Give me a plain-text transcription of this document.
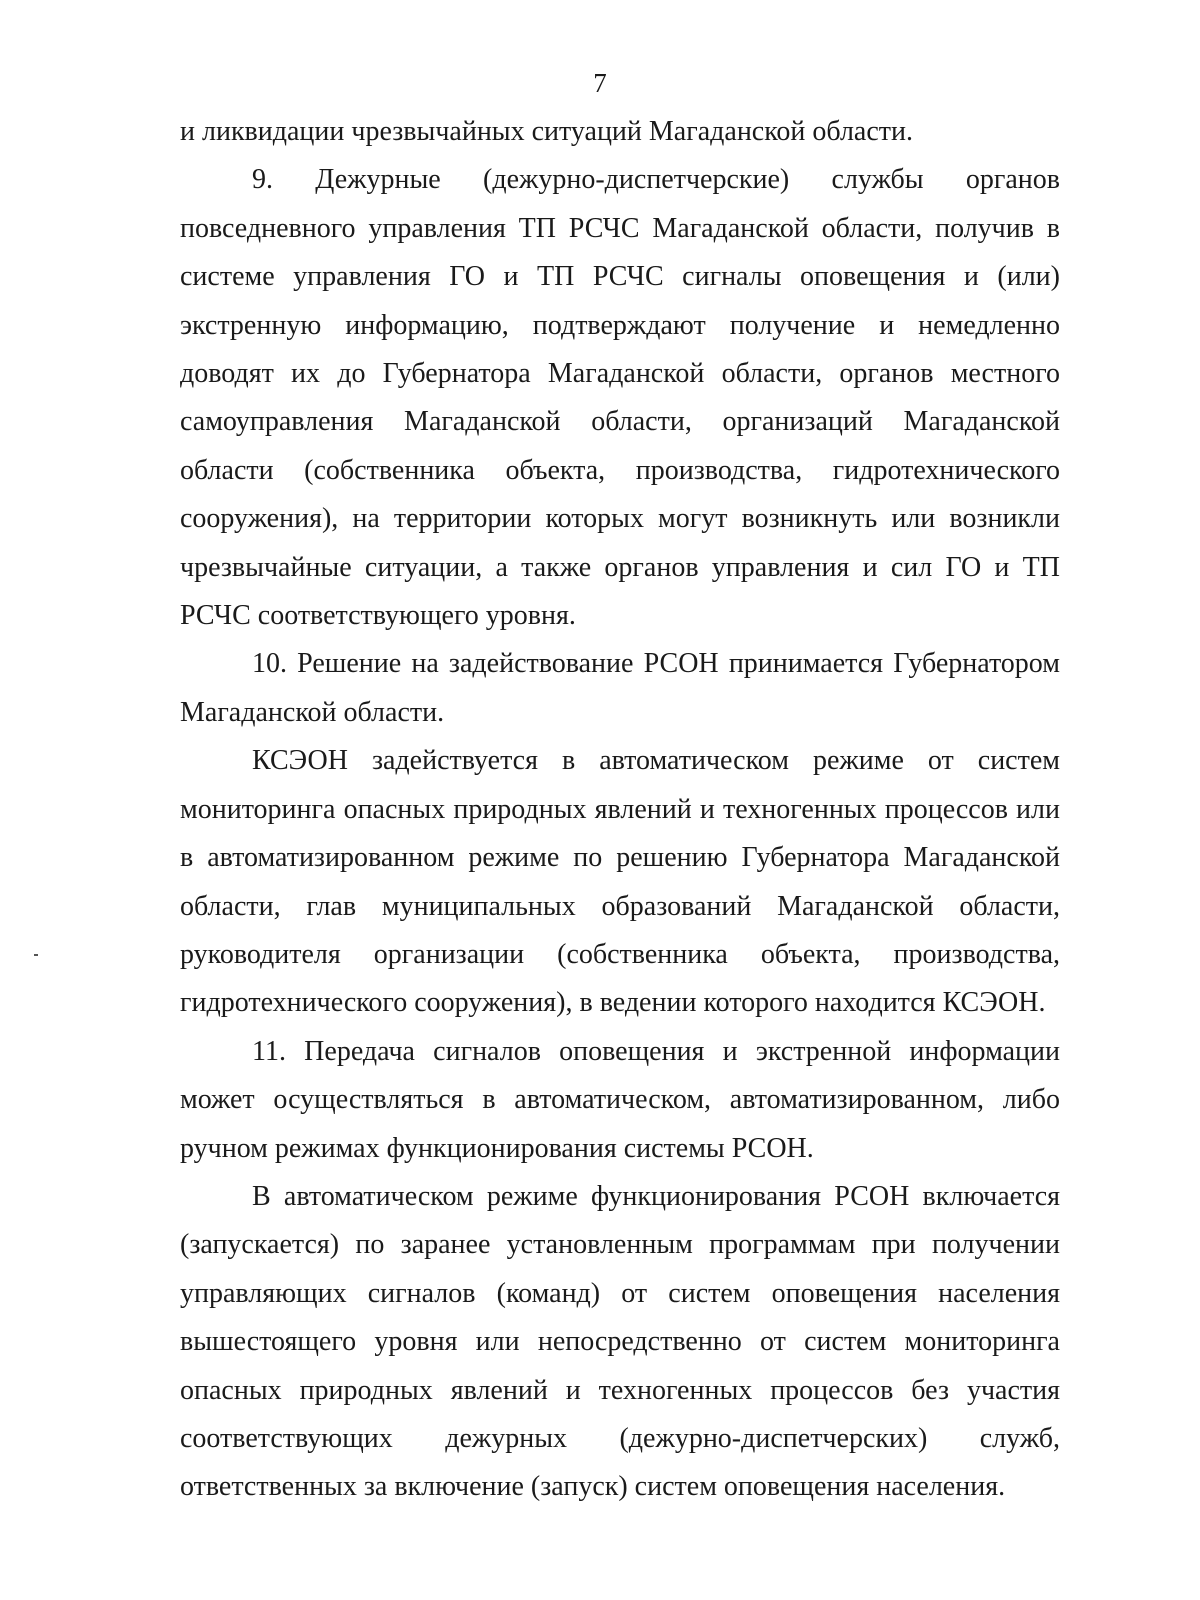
7

и ликвидации чрезвычайных ситуаций Магаданской области.

9. Дежурные (дежурно-диспетчерские) службы органов повседневного управления ТП РСЧС Магаданской области, получив в системе управления ГО и ТП РСЧС сигналы оповещения и (или) экстренную информацию, подтверждают получение и немедленно доводят их до Губернатора Магаданской области, органов местного самоуправления Магаданской области, организаций Магаданской области (собственника объекта, производства, гидротехнического сооружения), на территории которых могут возникнуть или возникли чрезвычайные ситуации, а также органов управления и сил ГО и ТП РСЧС соответствующего уровня.

10. Решение на задействование РСОН принимается Губернатором Магаданской области.

КСЭОН задействуется в автоматическом режиме от систем мониторинга опасных природных явлений и техногенных процессов или в автоматизированном режиме по решению Губернатора Магаданской области, глав муниципальных образований Магаданской области, руководителя организации (собственника объекта, производства, гидротехнического сооружения), в ведении которого находится КСЭОН.

11. Передача сигналов оповещения и экстренной информации может осуществляться в автоматическом, автоматизированном, либо ручном режимах функционирования системы РСОН.

В автоматическом режиме функционирования РСОН включается (запускается) по заранее установленным программам при получении управляющих сигналов (команд) от систем оповещения населения вышестоящего уровня или непосредственно от систем мониторинга опасных природных явлений и техногенных процессов без участия соответствующих дежурных (дежурно-диспетчерских) служб, ответственных за включение (запуск) систем оповещения населения.
